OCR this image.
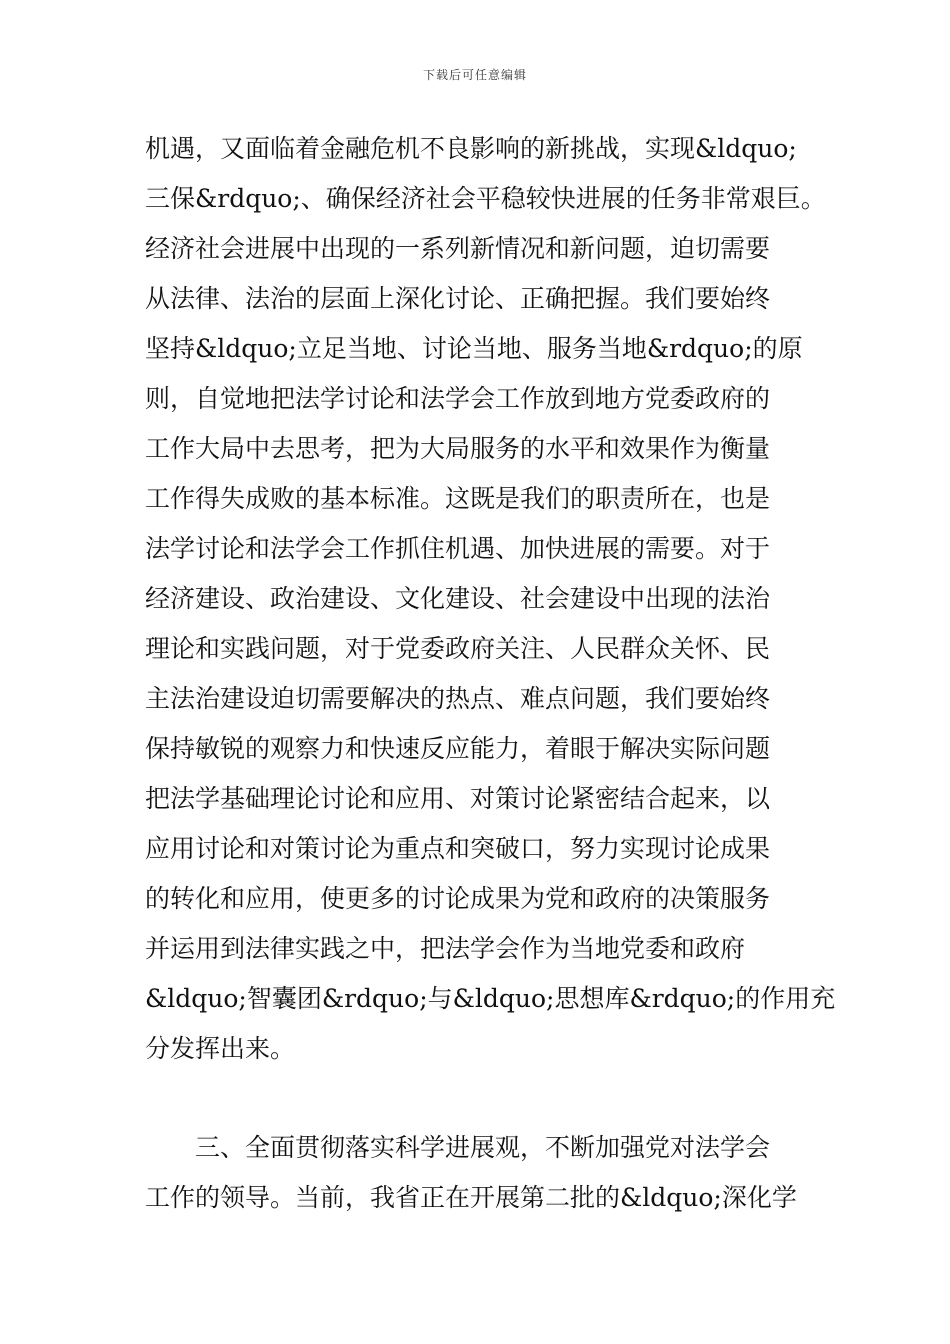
下载后可任意编辑
机遇，又面临着金融危机不良影响的新挑战，实现&ldquo;
三保&rdquo;、确保经济社会平稳较快进展的任务非常艰巨。
经济社会进展中出现的一系列新情况和新问题，迫切需要
从法律、法治的层面上深化讨论、正确把握。我们要始终
坚持&ldquo;立足当地、讨论当地、服务当地&rdquo;的原
则，自觉地把法学讨论和法学会工作放到地方党委政府的
工作大局中去思考，把为大局服务的水平和效果作为衡量
工作得失成败的基本标准。这既是我们的职责所在，也是
法学讨论和法学会工作抓住机遇、加快进展的需要。对于
经济建设、政治建设、文化建设、社会建设中出现的法治
理论和实践问题，对于党委政府关注、人民群众关怀、民
主法治建设迫切需要解决的热点、难点问题，我们要始终
保持敏锐的观察力和快速反应能力，着眼于解决实际问题
把法学基础理论讨论和应用、对策讨论紧密结合起来，以
应用讨论和对策讨论为重点和突破口，努力实现讨论成果
的转化和应用，使更多的讨论成果为党和政府的决策服务
并运用到法律实践之中，把法学会作为当地党委和政府
&ldquo;智囊团&rdquo;与&ldquo;思想库&rdquo;的作用充
分发挥出来。
三、全面贯彻落实科学进展观，不断加强党对法学会
工作的领导。当前，我省正在开展第二批的&ldquo;深化学
